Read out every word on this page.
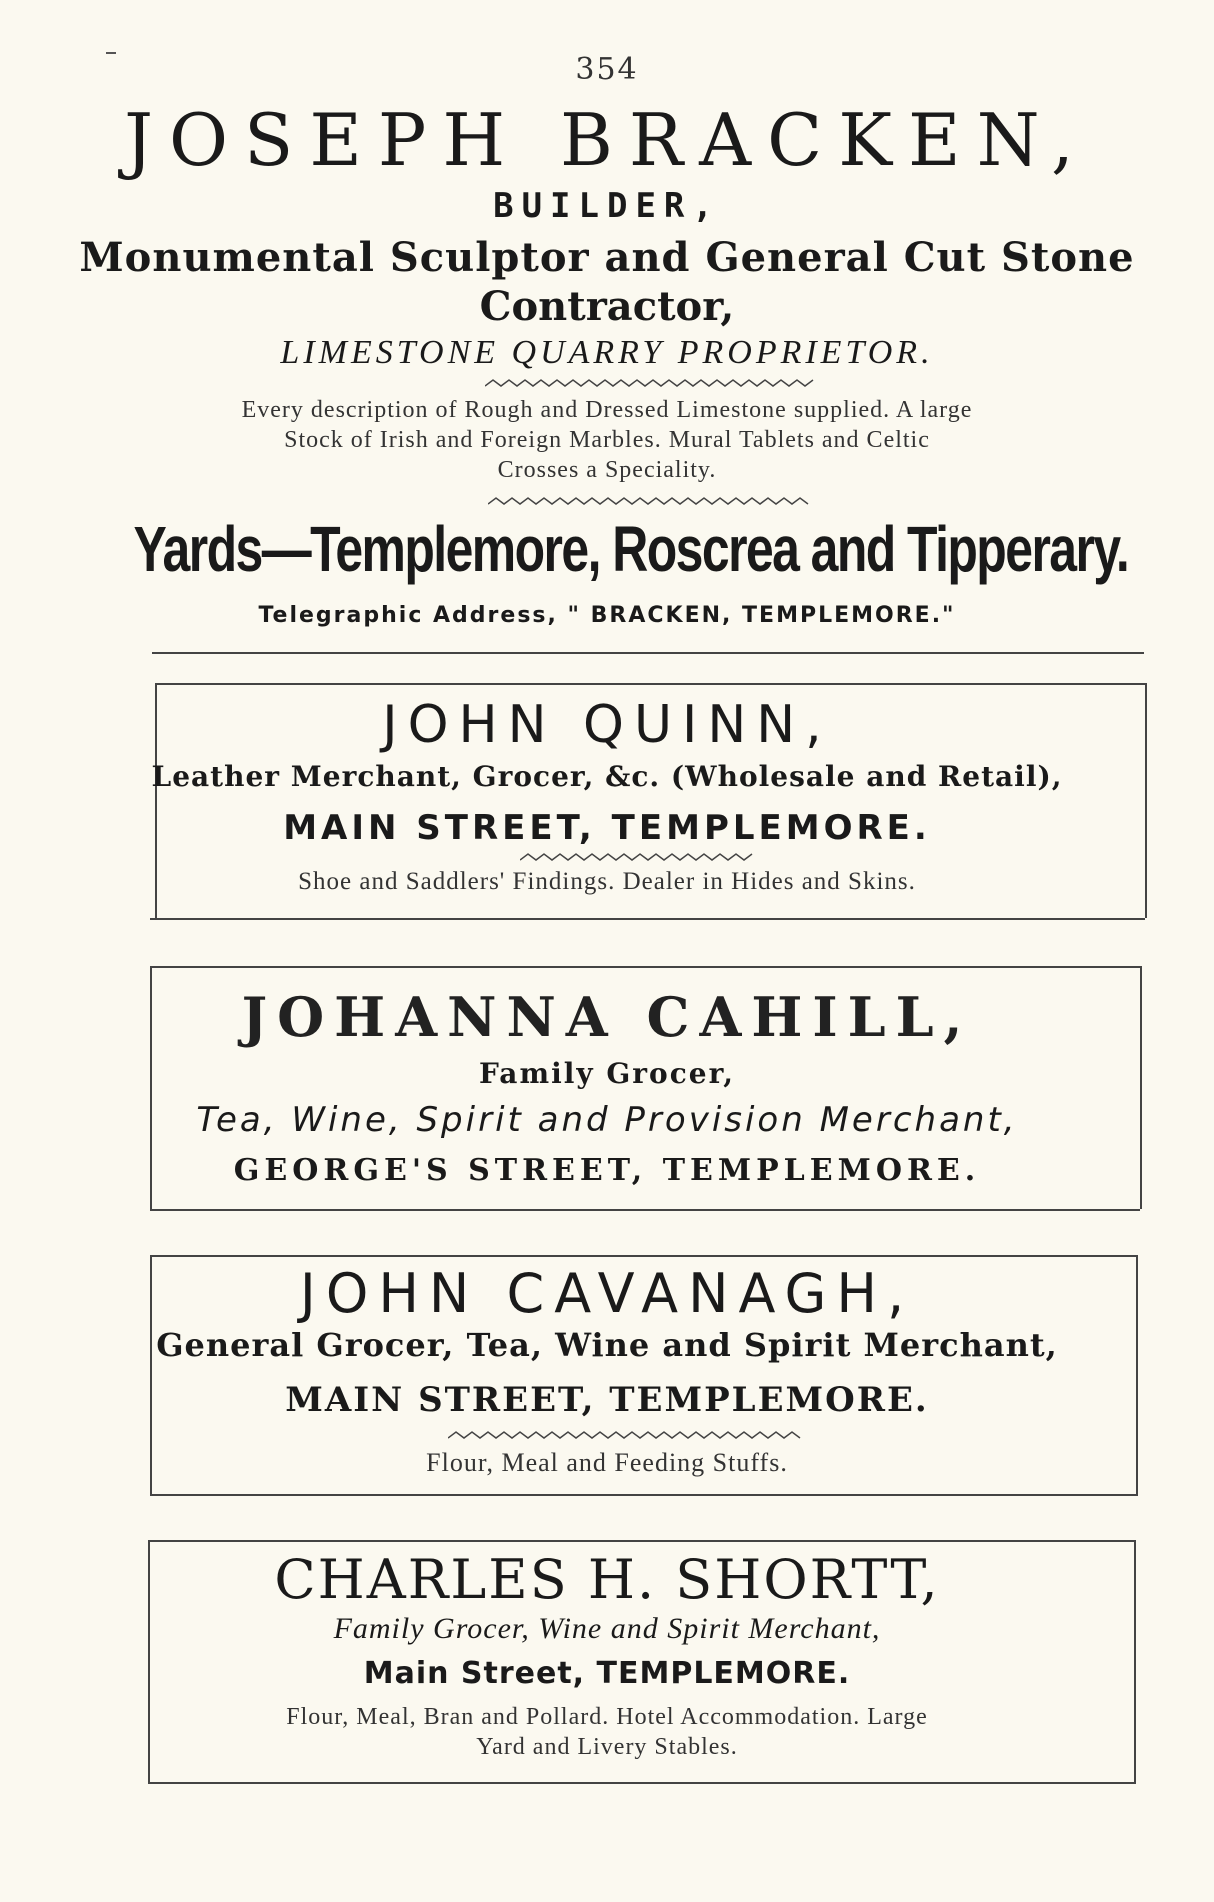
354
JOSEPH BRACKEN,
BUILDER,
Monumental Sculptor and General Cut Stone
Contractor,
LIMESTONE QUARRY PROPRIETOR.
Every description of Rough and Dressed Limestone supplied. A large
Stock of Irish and Foreign Marbles. Mural Tablets and Celtic
Crosses a Speciality.
Yards—Templemore, Roscrea and Tipperary.
Telegraphic Address, " BRACKEN, TEMPLEMORE."
JOHN QUINN,
Leather Merchant, Grocer, &c. (Wholesale and Retail),
MAIN STREET, TEMPLEMORE.
Shoe and Saddlers' Findings. Dealer in Hides and Skins.
JOHANNA CAHILL,
Family Grocer,
Tea, Wine, Spirit and Provision Merchant,
GEORGE'S STREET, TEMPLEMORE.
JOHN CAVANAGH,
General Grocer, Tea, Wine and Spirit Merchant,
MAIN STREET, TEMPLEMORE.
Flour, Meal and Feeding Stuffs.
CHARLES H. SHORTT,
Family Grocer, Wine and Spirit Merchant,
Main Street, TEMPLEMORE.
Flour, Meal, Bran and Pollard. Hotel Accommodation. Large
Yard and Livery Stables.
